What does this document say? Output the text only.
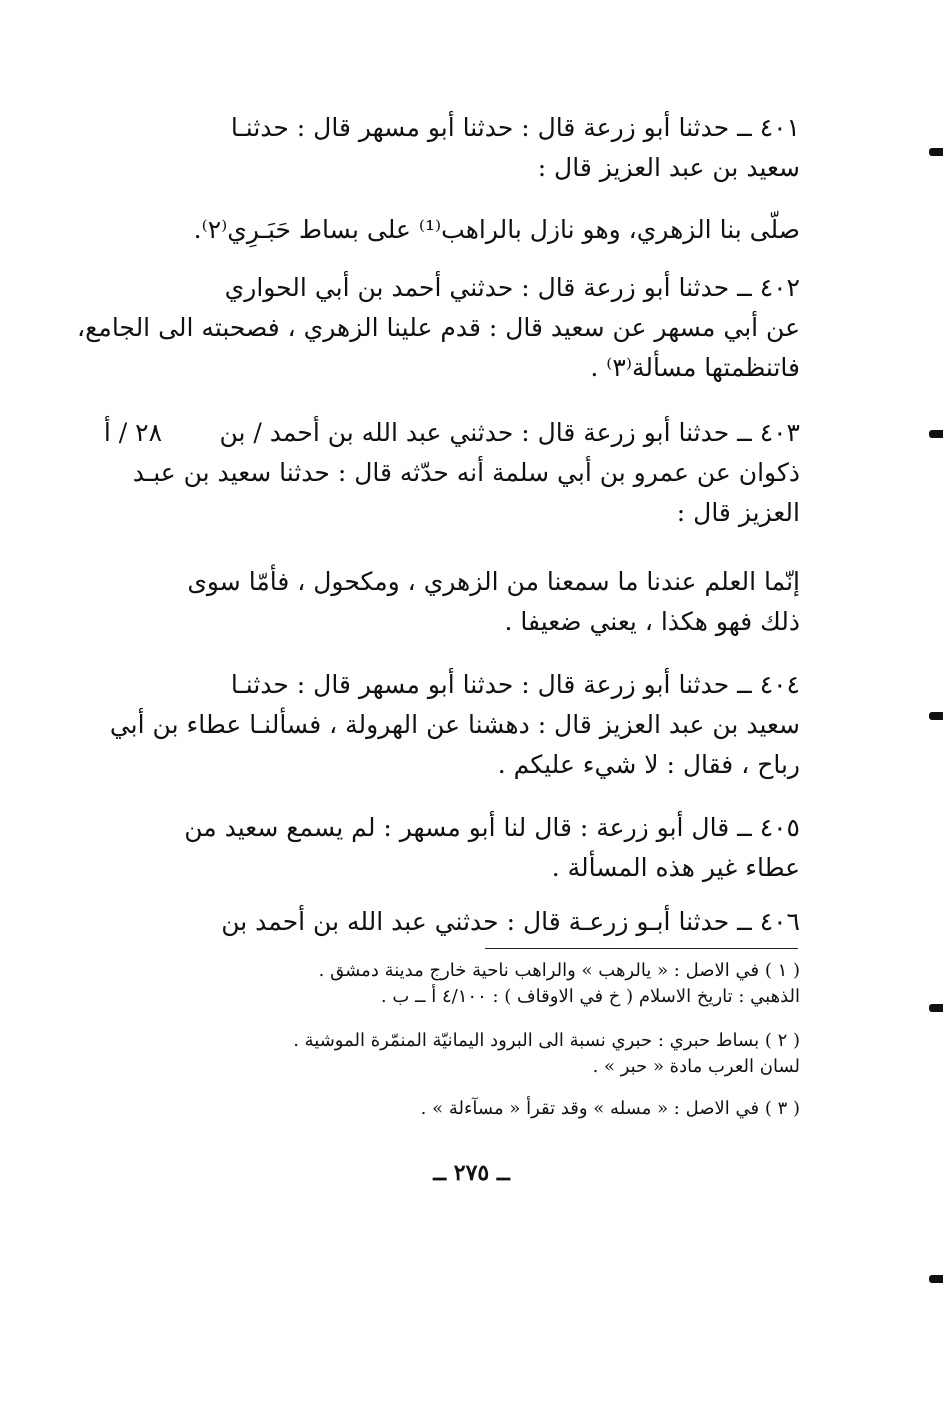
٤٠١ ــ حدثنا أبو زرعة قال : حدثنا أبو مسهر قال : حدثنـا
سعيد بن عبد العزيز قال :
صلّى بنا الزهري، وهو نازل بالراهب⁽¹⁾ على بساط حَبَـرِي⁽٢⁾.
٤٠٢ ــ حدثنا أبو زرعة قال : حدثني أحمد بن أبي الحواري
عن أبي مسهر عن سعيد قال : قدم علينا الزهري ، فصحبته الى الجامع،
فاتنظمتها مسألة⁽٣⁾ .
٤٠٣ ــ حدثنا أبو زرعة قال : حدثني عبد الله بن أحمد / بن
ذكوان عن عمرو بن أبي سلمة أنه حدّثه قال : حدثنا سعيد بن عبـد
العزيز قال :
٢٨ / أ
إنّما العلم عندنا ما سمعنا من الزهري ، ومكحول ، فأمّا سوى
ذلك فهو هكذا ، يعني ضعيفا .
٤٠٤ ــ حدثنا أبو زرعة قال : حدثنا أبو مسهر قال : حدثنـا
سعيد بن عبد العزيز قال : دهشنا عن الهرولة ، فسألنـا عطاء بن أبي
رباح ، فقال : لا شيء عليكم .
٤٠٥ ــ قال أبو زرعة : قال لنا أبو مسهر : لم يسمع سعيد من
عطاء غير هذه المسألة .
٤٠٦ ــ حدثنا أبـو زرعـة قال : حدثني عبد الله بن أحمد بن
( ١ ) في الاصل : « يالرهب » والراهب ناحية خارج مدينة دمشق .
الذهبي : تاريخ الاسلام ( خ في الاوقاف ) : ٤/١٠٠ أ ــ ب .
( ٢ ) بساط حبري : حبري نسبة الى البرود اليمانيّة المنمّرة الموشية .
لسان العرب مادة « حبر » .
( ٣ ) في الاصل : « مسله » وقد تقرأ « مسآءلة » .
ــ ٢٧٥ ــ
